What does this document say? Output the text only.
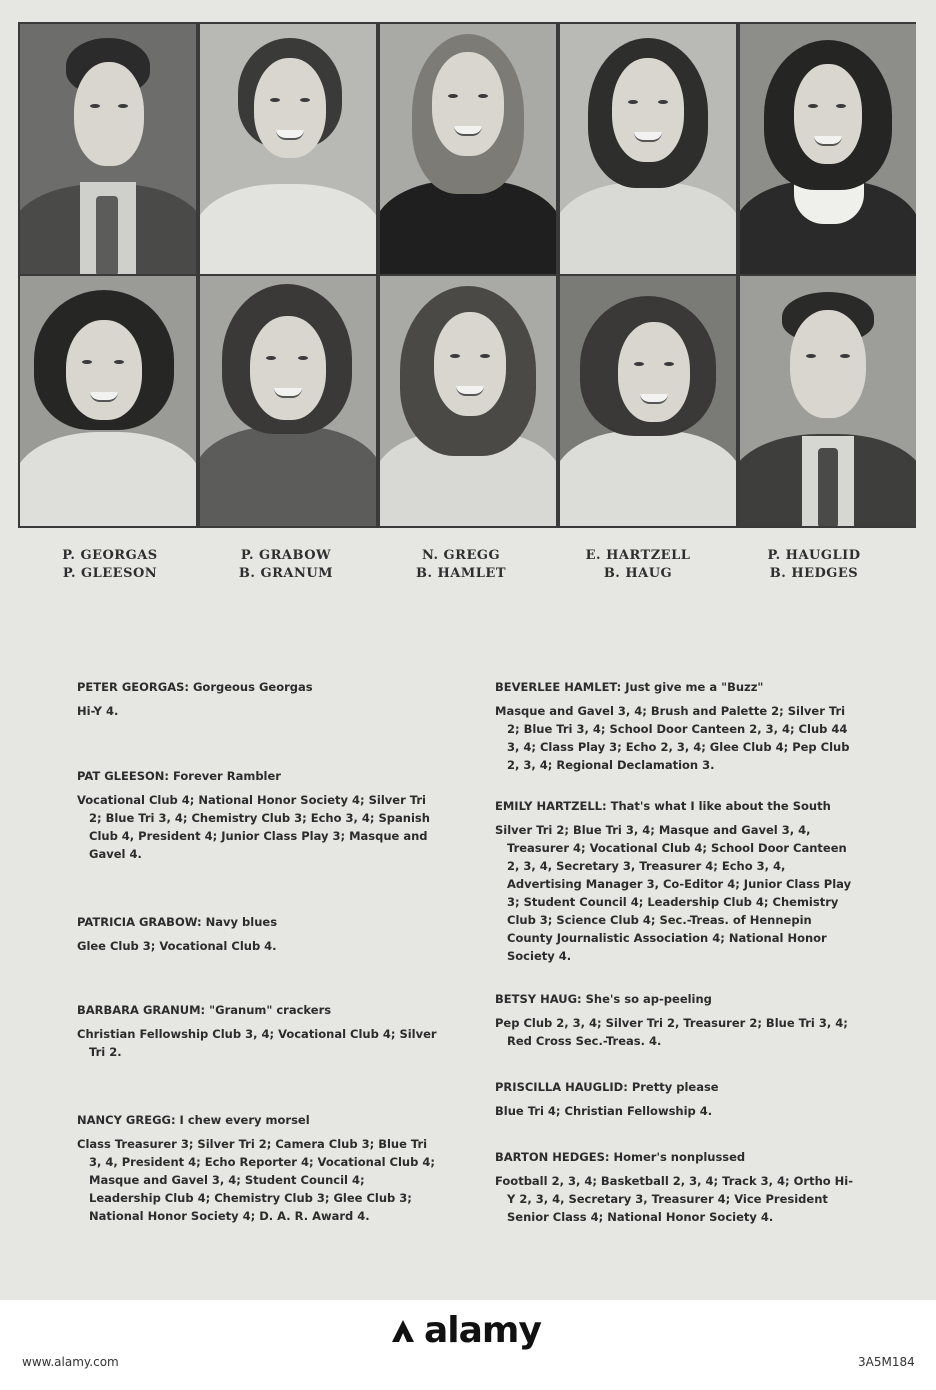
P. GEORGAS
P. GLEESON
P. GRABOW
B. GRANUM
N. GREGG
B. HAMLET
E. HARTZELL
B. HAUG
P. HAUGLID
B. HEDGES
PETER GEORGAS: Gorgeous Georgas
Hi-Y 4.
PAT GLEESON: Forever Rambler
Vocational Club 4; National Honor Society 4; Silver Tri 2; Blue Tri 3, 4; Chemistry Club 3; Echo 3, 4; Spanish Club 4, President 4; Junior Class Play 3; Masque and Gavel 4.
PATRICIA GRABOW: Navy blues
Glee Club 3; Vocational Club 4.
BARBARA GRANUM: "Granum" crackers
Christian Fellowship Club 3, 4; Vocational Club 4; Silver Tri 2.
NANCY GREGG: I chew every morsel
Class Treasurer 3; Silver Tri 2; Camera Club 3; Blue Tri 3, 4, President 4; Echo Reporter 4; Vocational Club 4; Masque and Gavel 3, 4; Student Council 4; Leadership Club 4; Chemistry Club 3; Glee Club 3; National Honor Society 4; D. A. R. Award 4.
BEVERLEE HAMLET: Just give me a "Buzz"
Masque and Gavel 3, 4; Brush and Palette 2; Silver Tri 2; Blue Tri 3, 4; School Door Canteen 2, 3, 4; Club 44 3, 4; Class Play 3; Echo 2, 3, 4; Glee Club 4; Pep Club 2, 3, 4; Regional Declamation 3.
EMILY HARTZELL: That's what I like about the South
Silver Tri 2; Blue Tri 3, 4; Masque and Gavel 3, 4, Treasurer 4; Vocational Club 4; School Door Canteen 2, 3, 4, Secretary 3, Treasurer 4; Echo 3, 4, Advertising Manager 3, Co-Editor 4; Junior Class Play 3; Student Council 4; Leadership Club 4; Chemistry Club 3; Science Club 4; Sec.-Treas. of Hennepin County Journalistic Association 4; National Honor Society 4.
BETSY HAUG: She's so ap-peeling
Pep Club 2, 3, 4; Silver Tri 2, Treasurer 2; Blue Tri 3, 4; Red Cross Sec.-Treas. 4.
PRISCILLA HAUGLID: Pretty please
Blue Tri 4; Christian Fellowship 4.
BARTON HEDGES: Homer's nonplussed
Football 2, 3, 4; Basketball 2, 3, 4; Track 3, 4; Ortho Hi-Y 2, 3, 4, Secretary 3, Treasurer 4; Vice President Senior Class 4; National Honor Society 4.
alamy
www.alamy.com	3A5M184
